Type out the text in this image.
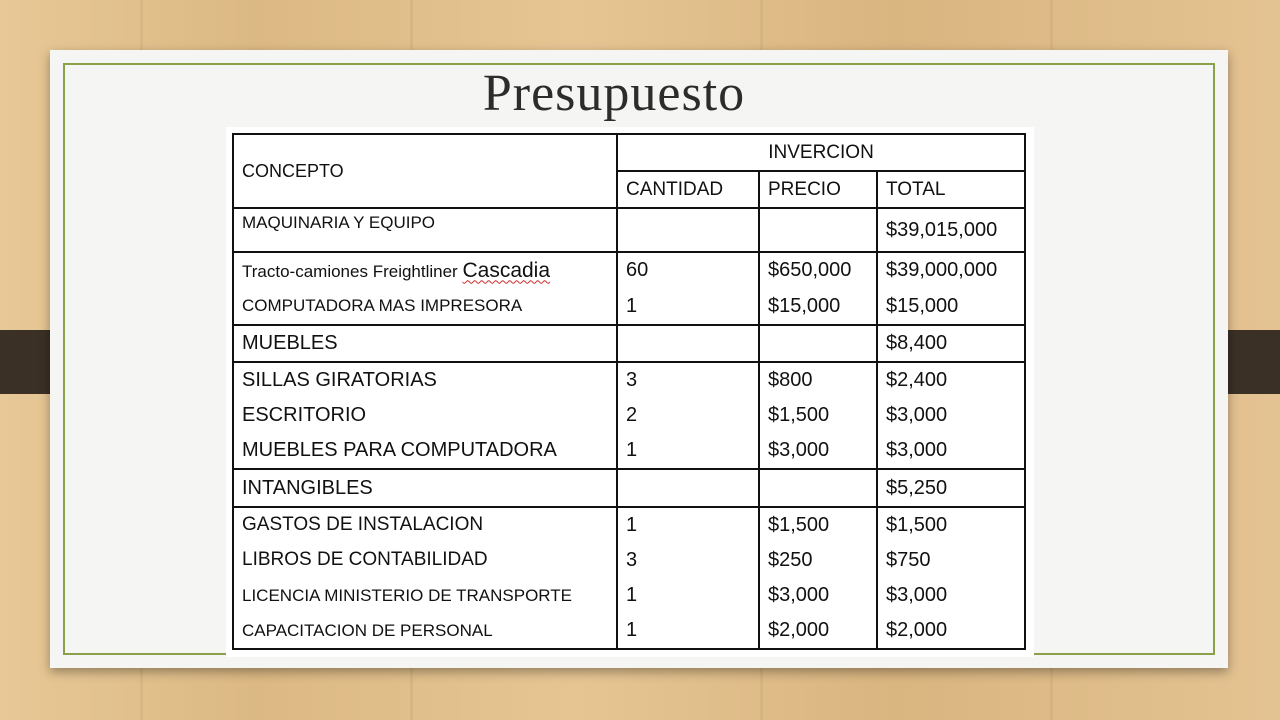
Presupuesto
CONCEPTO	INVERCION		
	CANTIDAD	PRECIO	TOTAL
MAQUINARIA Y EQUIPO			$39,015,000
Tracto-camiones Freightliner Cascadia	60	$650,000	$39,000,000
COMPUTADORA MAS IMPRESORA	1	$15,000	$15,000
MUEBLES			$8,400
SILLAS GIRATORIAS	3	$800	$2,400
ESCRITORIO	2	$1,500	$3,000
MUEBLES PARA COMPUTADORA	1	$3,000	$3,000
INTANGIBLES			$5,250
GASTOS DE INSTALACION	1	$1,500	$1,500
LIBROS DE CONTABILIDAD	3	$250	$750
LICENCIA MINISTERIO DE TRANSPORTE	1	$3,000	$3,000
CAPACITACION DE PERSONAL	1	$2,000	$2,000
